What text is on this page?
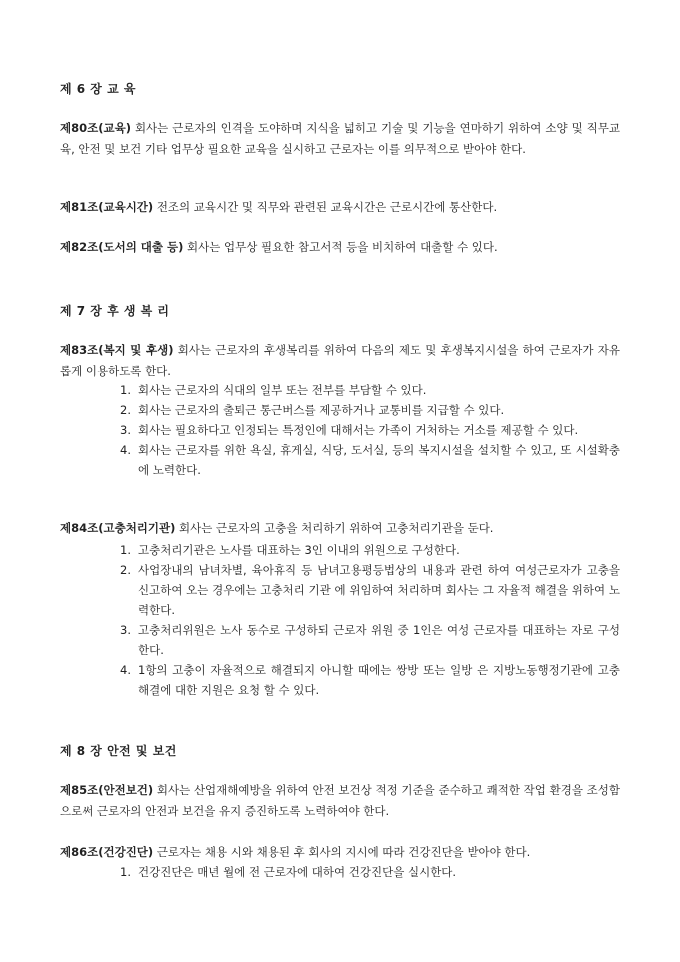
제 6 장 교 육
제80조(교육) 회사는 근로자의 인격을 도야하며 지식을 넓히고 기술 및 기능을 연마하기 위하여 소양 및 직무교육, 안전 및 보건 기타 업무상 필요한 교육을 실시하고 근로자는 이를 의무적으로 받아야 한다.
제81조(교육시간) 전조의 교육시간 및 직무와 관련된 교육시간은 근로시간에 통산한다.
제82조(도서의 대출 등) 회사는 업무상 필요한 참고서적 등을 비치하여 대출할 수 있다.
제 7 장 후 생 복 리
제83조(복지 및 후생) 회사는 근로자의 후생복리를 위하여 다음의 제도 및 후생복지시설을 하여 근로자가 자유롭게 이용하도록 한다.
1. 회사는 근로자의 식대의 일부 또는 전부를 부담할 수 있다.
2. 회사는 근로자의 출퇴근 통근버스를 제공하거나 교통비를 지급할 수 있다.
3. 회사는 필요하다고 인정되는 특정인에 대해서는 가족이 거처하는 거소를 제공할 수 있다.
4. 회사는 근로자를 위한 욕실, 휴게실, 식당, 도서실, 등의 복지시설을 설치할 수 있고, 또 시설확충에 노력한다.
제84조(고충처리기관) 회사는 근로자의 고충을 처리하기 위하여 고충처리기관을 둔다.
1. 고충처리기관은 노사를 대표하는 3인 이내의 위원으로 구성한다.
2. 사업장내의 남녀차별, 육아휴직 등 남녀고용평등법상의 내용과 관련 하여 여성근로자가 고충을 신고하여 오는 경우에는 고충처리 기관 에 위임하여 처리하며 회사는 그 자율적 해결을 위하여 노력한다.
3. 고충처리위원은 노사 동수로 구성하되 근로자 위원 중 1인은 여성 근로자를 대표하는 자로 구성한다.
4. 1항의 고충이 자율적으로 해결되지 아니할 때에는 쌍방 또는 일방 은 지방노동행정기관에 고충 해결에 대한 지원은 요청 할 수 있다.
제 8 장 안전 및 보건
제85조(안전보건) 회사는 산업재해예방을 위하여 안전 보건상 적정 기준을 준수하고 쾌적한 작업 환경을 조성함으로써 근로자의 안전과 보건을 유지 증진하도록 노력하여야 한다.
제86조(건강진단) 근로자는 채용 시와 채용된 후 회사의 지시에 따라 건강진단을 받아야 한다.
1. 건강진단은 매년 월에 전 근로자에 대하여 건강진단을 실시한다.
